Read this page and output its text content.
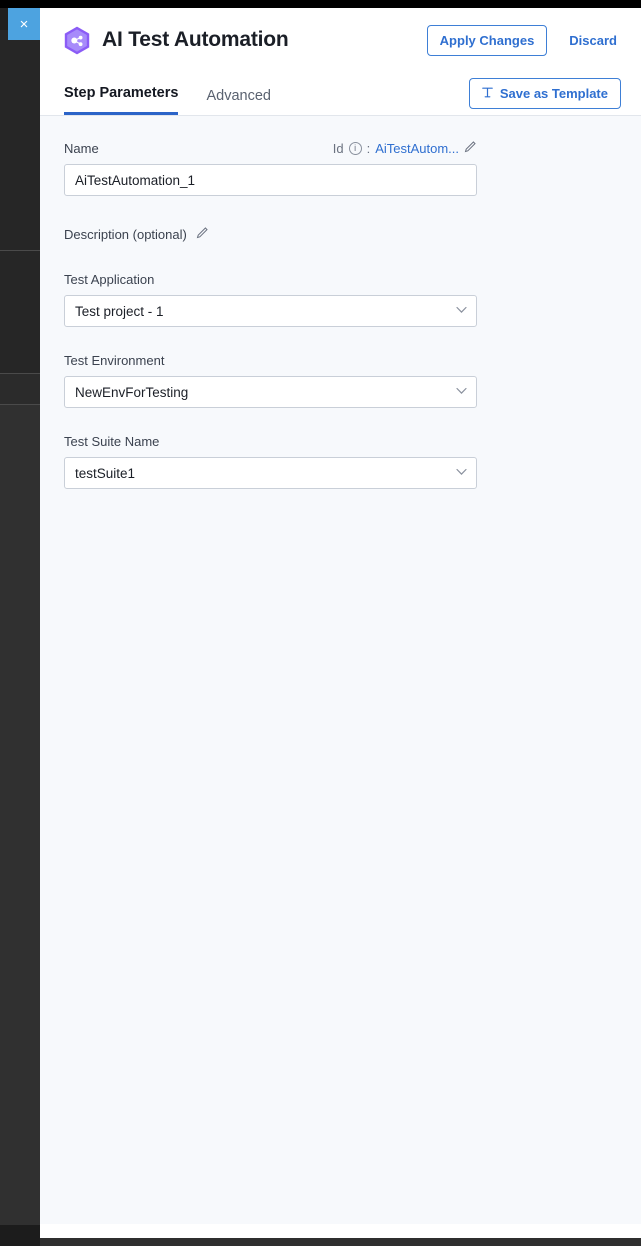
×
AI Test Automation	Apply Changes	Discard
Step Parameters Advanced	Save as Template
Name	Id	i : AiTestAutom...
AiTestAutomation_1
Description (optional)
Test Application
Test project - 1
Test Environment
NewEnvForTesting
Test Suite Name
testSuite1
